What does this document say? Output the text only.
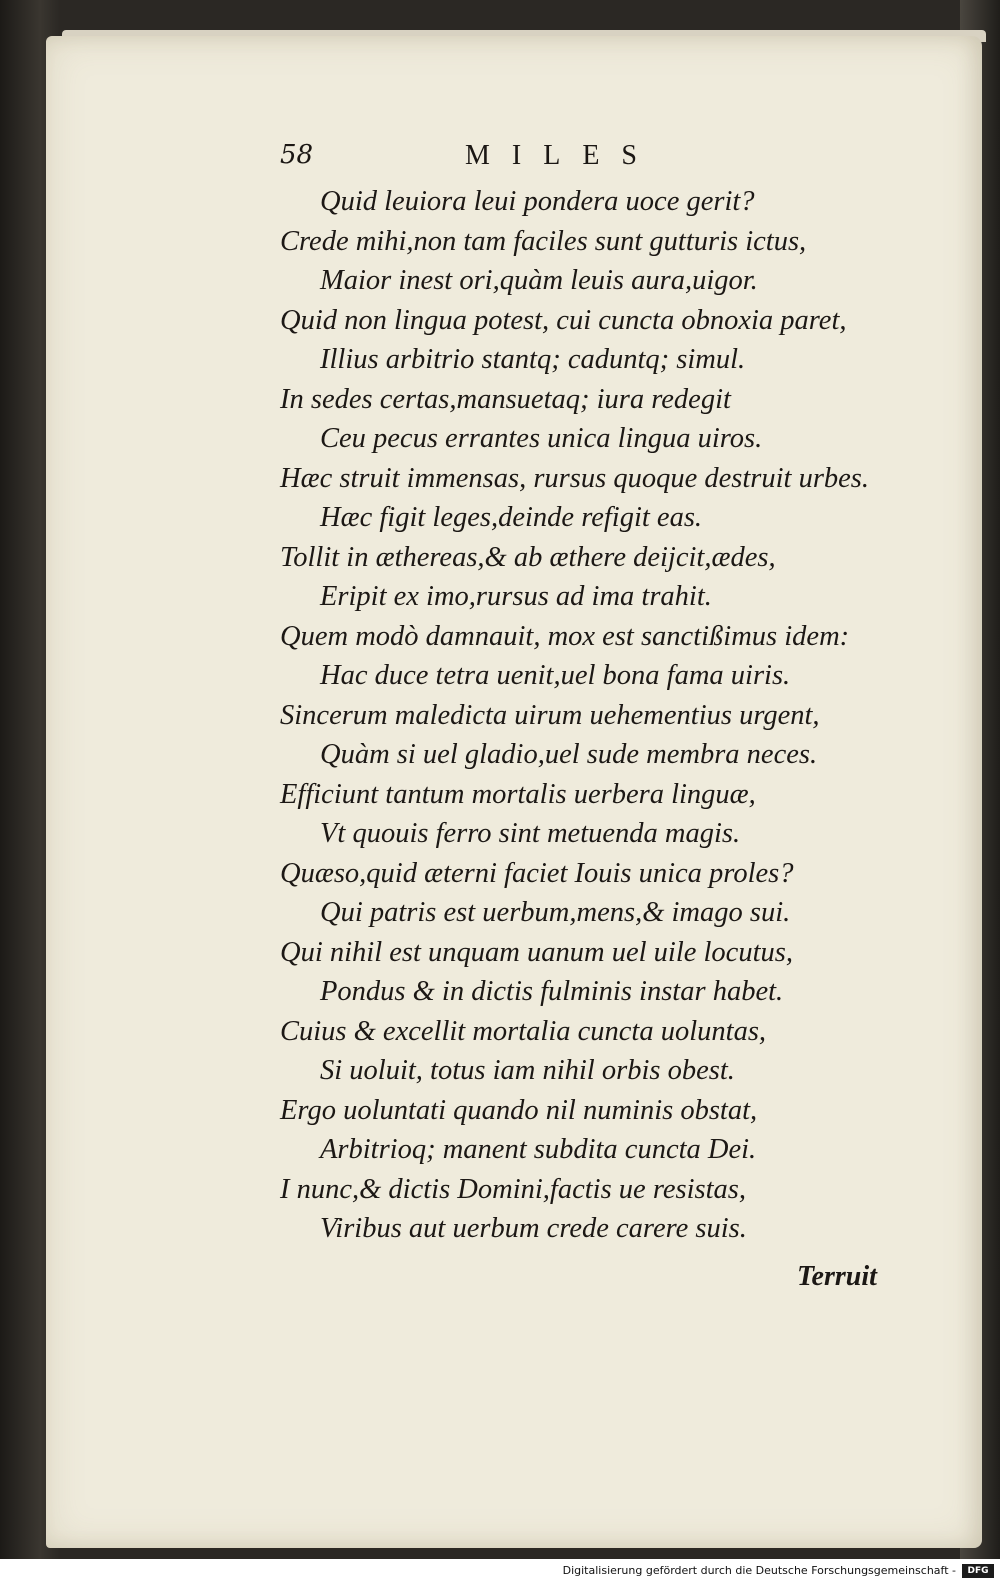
58	MILES
Quid leuiora leui pondera uoce gerit?
Crede mihi,non tam faciles sunt gutturis ictus,
Maior inest ori,quàm leuis aura,uigor.
Quid non lingua potest, cui cuncta obnoxia paret,
Illius arbitrio stantq; caduntq; simul.
In sedes certas,mansuetaq; iura redegit
Ceu pecus errantes unica lingua uiros.
Hæc struit immensas, rursus quoque destruit urbes.
Hæc figit leges,deinde refigit eas.
Tollit in æthereas,& ab æthere deijcit,ædes,
Eripit ex imo,rursus ad ima trahit.
Quem modò damnauit, mox est sanctißimus idem:
Hac duce tetra uenit,uel bona fama uiris.
Sincerum maledicta uirum uehementius urgent,
Quàm si uel gladio,uel sude membra neces.
Efficiunt tantum mortalis uerbera linguæ,
Vt quouis ferro sint metuenda magis.
Quæso,quid æterni faciet Iouis unica proles?
Qui patris est uerbum,mens,& imago sui.
Qui nihil est unquam uanum uel uile locutus,
Pondus & in dictis fulminis instar habet.
Cuius & excellit mortalia cuncta uoluntas,
Si uoluit, totus iam nihil orbis obest.
Ergo uoluntati quando nil numinis obstat,
Arbitrioq; manent subdita cuncta Dei.
I nunc,& dictis Domini,factis ue resistas,
Viribus aut uerbum crede carere suis.
Terruit
Digitalisierung gefördert durch die Deutsche Forschungsgemeinschaft -	DFG
